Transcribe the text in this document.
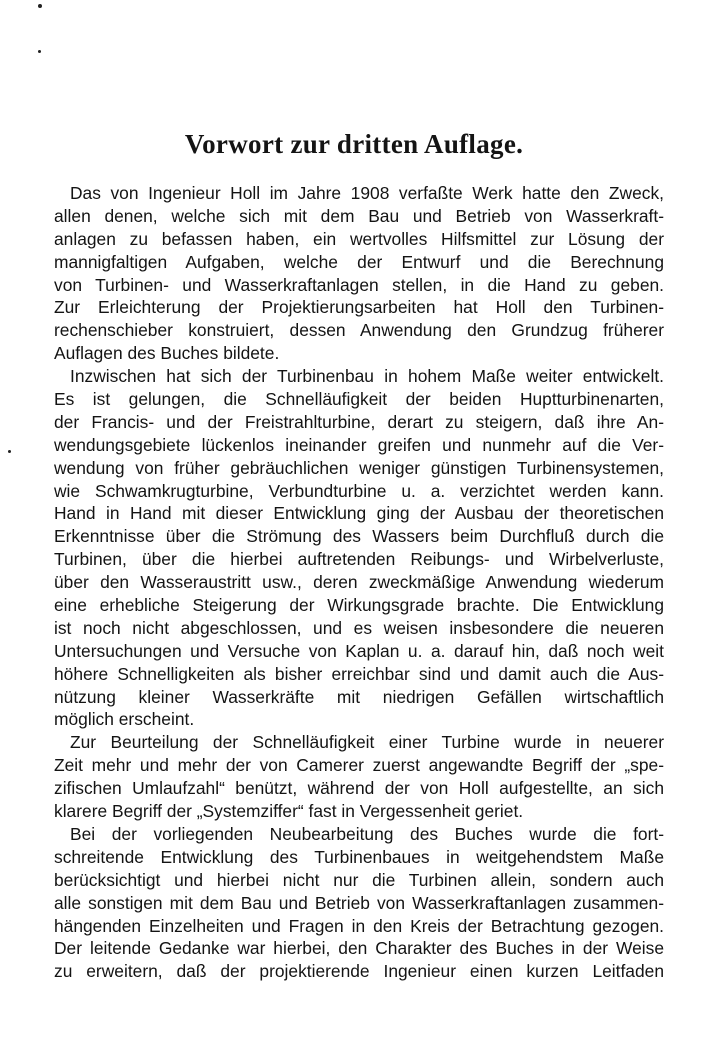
Vorwort zur dritten Auflage.
Das von Ingenieur Holl im Jahre 1908 verfaßte Werk hatte den Zweck,
allen denen, welche sich mit dem Bau und Betrieb von Wasserkraft-
anlagen zu befassen haben, ein wertvolles Hilfsmittel zur Lösung der
mannigfaltigen Aufgaben, welche der Entwurf und die Berechnung
von Turbinen- und Wasserkraftanlagen stellen, in die Hand zu geben.
Zur Erleichterung der Projektierungsarbeiten hat Holl den Turbinen-
rechenschieber konstruiert, dessen Anwendung den Grundzug früherer
Auflagen des Buches bildete.
Inzwischen hat sich der Turbinenbau in hohem Maße weiter entwickelt.
Es ist gelungen, die Schnelläufigkeit der beiden Huptturbinenarten,
der Francis- und der Freistrahlturbine, derart zu steigern, daß ihre An-
wendungsgebiete lückenlos ineinander greifen und nunmehr auf die Ver-
wendung von früher gebräuchlichen weniger günstigen Turbinensystemen,
wie Schwamkrugturbine, Verbundturbine u. a. verzichtet werden kann.
Hand in Hand mit dieser Entwicklung ging der Ausbau der theoretischen
Erkenntnisse über die Strömung des Wassers beim Durchfluß durch die
Turbinen, über die hierbei auftretenden Reibungs- und Wirbelverluste,
über den Wasseraustritt usw., deren zweckmäßige Anwendung wiederum
eine erhebliche Steigerung der Wirkungsgrade brachte. Die Entwicklung
ist noch nicht abgeschlossen, und es weisen insbesondere die neueren
Untersuchungen und Versuche von Kaplan u. a. darauf hin, daß noch weit
höhere Schnelligkeiten als bisher erreichbar sind und damit auch die Aus-
nützung kleiner Wasserkräfte mit niedrigen Gefällen wirtschaftlich
möglich erscheint.
Zur Beurteilung der Schnelläufigkeit einer Turbine wurde in neuerer
Zeit mehr und mehr der von Camerer zuerst angewandte Begriff der „spe-
zifischen Umlaufzahl“ benützt, während der von Holl aufgestellte, an sich
klarere Begriff der „Systemziffer“ fast in Vergessenheit geriet.
Bei der vorliegenden Neubearbeitung des Buches wurde die fort-
schreitende Entwicklung des Turbinenbaues in weitgehendstem Maße
berücksichtigt und hierbei nicht nur die Turbinen allein, sondern auch
alle sonstigen mit dem Bau und Betrieb von Wasserkraftanlagen zusammen-
hängenden Einzelheiten und Fragen in den Kreis der Betrachtung gezogen.
Der leitende Gedanke war hierbei, den Charakter des Buches in der Weise
zu erweitern, daß der projektierende Ingenieur einen kurzen Leitfaden
